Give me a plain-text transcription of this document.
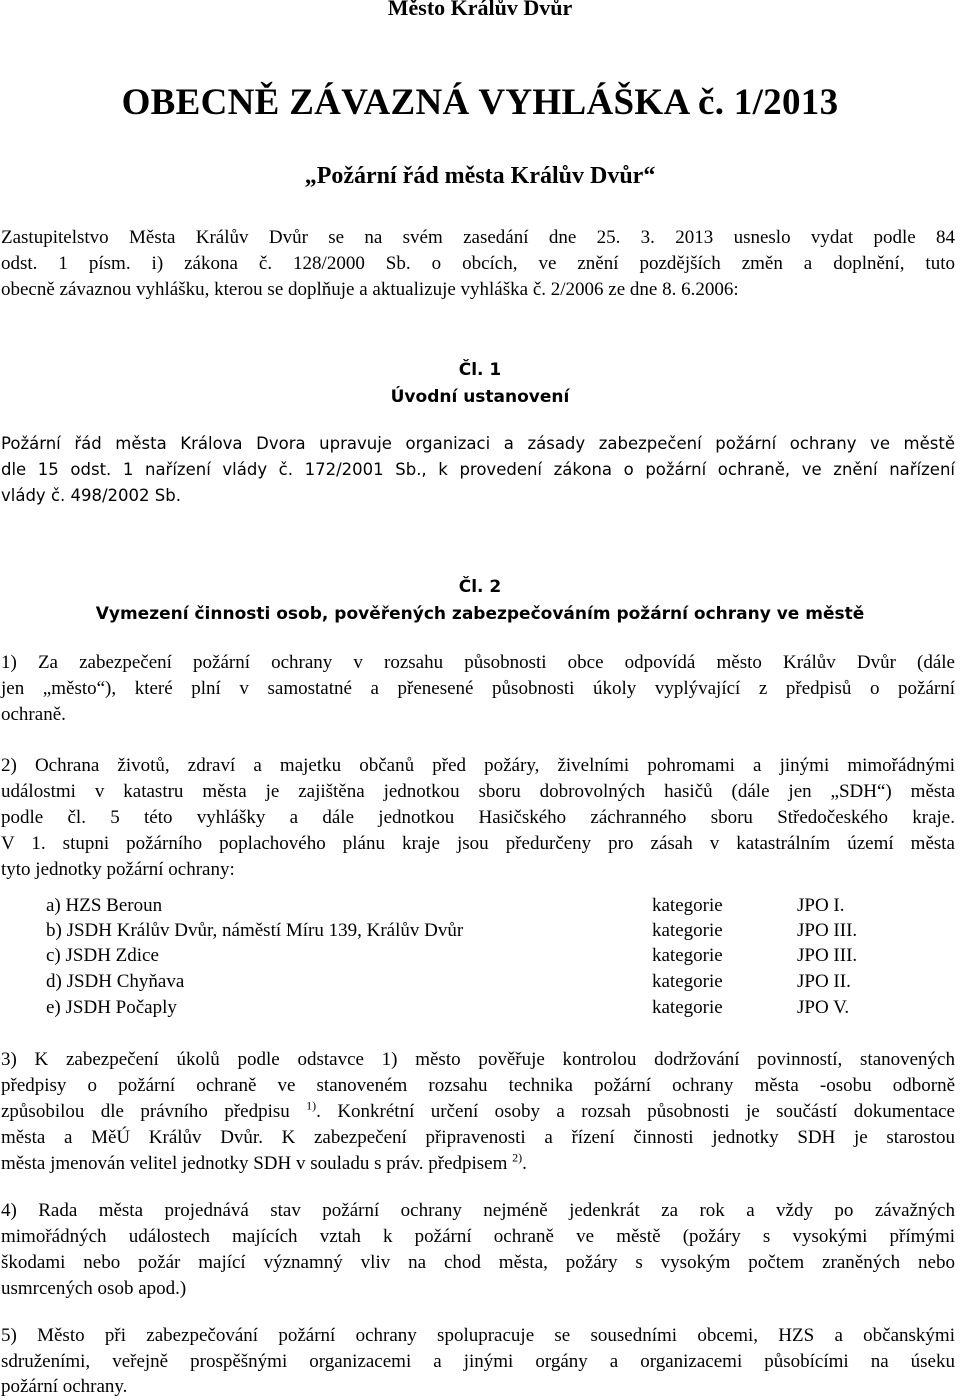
Město Králův Dvůr
OBECNĚ ZÁVAZNÁ VYHLÁŠKA č. 1/2013
„Požární řád města Králův Dvůr“
Zastupitelstvo Města Králův Dvůr se na svém zasedání dne 25. 3. 2013 usneslo vydat podle 84
odst. 1 písm. i) zákona č. 128/2000 Sb. o obcích, ve znění pozdějších změn a doplnění, tuto
obecně závaznou vyhlášku, kterou se doplňuje a aktualizuje vyhláška č. 2/2006 ze dne 8. 6.2006:
Čl. 1
Úvodní ustanovení
Požární řád města Králova Dvora upravuje organizaci a zásady zabezpečení požární ochrany ve městě
dle 15 odst. 1 nařízení vlády č. 172/2001 Sb., k provedení zákona o požární ochraně, ve znění nařízení
vlády č. 498/2002 Sb.
Čl. 2
Vymezení činnosti osob, pověřených zabezpečováním požární ochrany ve městě
1) Za zabezpečení požární ochrany v rozsahu působnosti obce odpovídá město Králův Dvůr (dále
jen „město“), které plní v samostatné a přenesené působnosti úkoly vyplývající z předpisů o požární
ochraně.
2) Ochrana životů, zdraví a majetku občanů před požáry, živelními pohromami a jinými mimořádnými
událostmi v katastru města je zajištěna jednotkou sboru dobrovolných hasičů (dále jen „SDH“) města
podle čl. 5 této vyhlášky a dále jednotkou Hasičského záchranného sboru Středočeského kraje.
V 1. stupni požárního poplachového plánu kraje jsou předurčeny pro zásah v katastrálním území města
tyto jednotky požární ochrany:
a) HZS Beroun	kategorie	JPO I.
b) JSDH Králův Dvůr, náměstí Míru 139, Králův Dvůr	kategorie	JPO III.
c) JSDH Zdice	kategorie	JPO III.
d) JSDH Chyňava	kategorie	JPO II.
e) JSDH Počaply	kategorie	JPO V.
3) K zabezpečení úkolů podle odstavce 1) město pověřuje kontrolou dodržování povinností, stanovených
předpisy o požární ochraně ve stanoveném rozsahu technika požární ochrany města -osobu odborně
způsobilou dle právního předpisu $^{1)}$. Konkrétní určení osoby a rozsah působnosti je součástí dokumentace
města a MěÚ Králův Dvůr. K zabezpečení připravenosti a řízení činnosti jednotky SDH je starostou
města jmenován velitel jednotky SDH v souladu s práv. předpisem $^{2)}$.
4) Rada města projednává stav požární ochrany nejméně jedenkrát za rok a vždy po závažných
mimořádných událostech majících vztah k požární ochraně ve městě (požáry s vysokými přímými
škodami nebo požár mající významný vliv na chod města, požáry s vysokým počtem zraněných nebo
usmrcených osob apod.)
5) Město při zabezpečování požární ochrany spolupracuje se sousedními obcemi, HZS a občanskými
sdruženími, veřejně prospěšnými organizacemi a jinými orgány a organizacemi působícími na úseku
požární ochrany.
